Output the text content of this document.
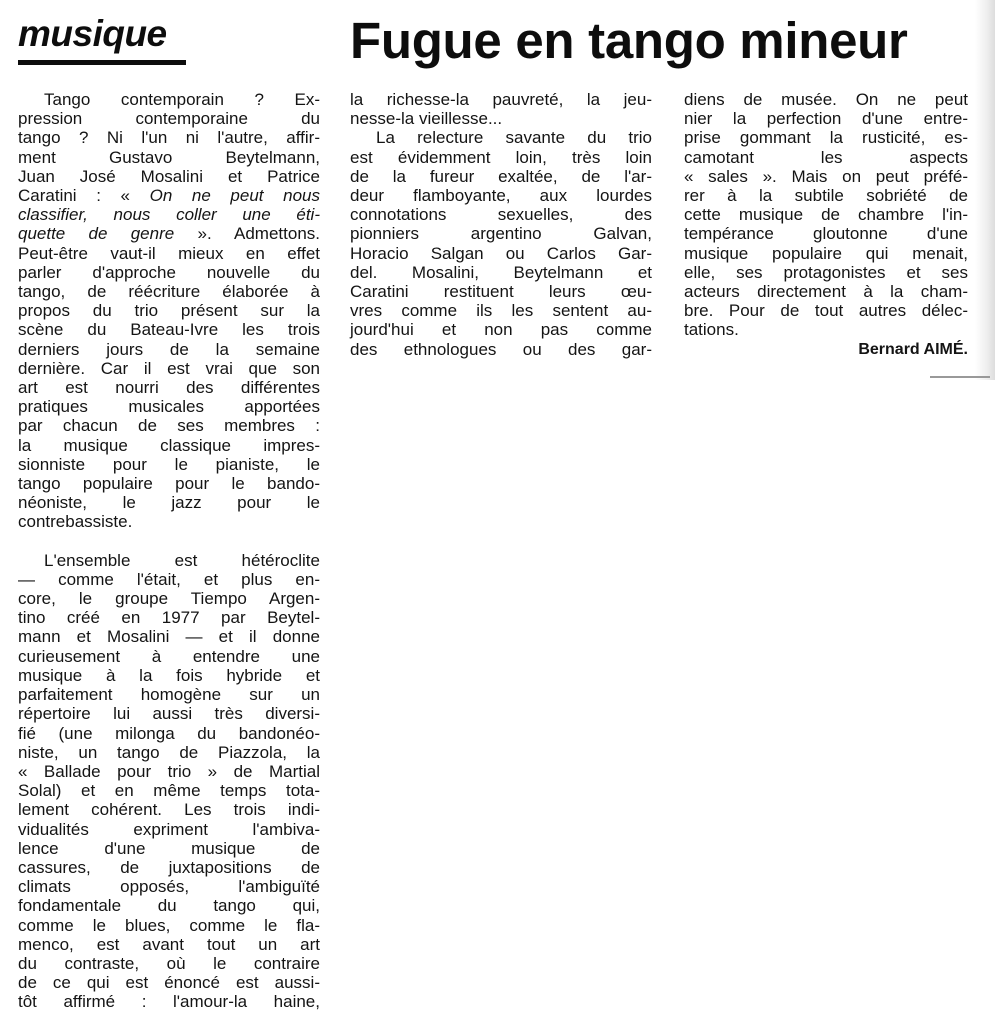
musique	Fugue en tango mineur
Tango contemporain ? Ex-
pression contemporaine du
tango ? Ni l'un ni l'autre, affir-
ment Gustavo Beytelmann,
Juan José Mosalini et Patrice
Caratini : « On ne peut nous
classifier, nous coller une éti-
quette de genre ». Admettons.
Peut-être vaut-il mieux en effet
parler d'approche nouvelle du
tango, de réécriture élaborée à
propos du trio présent sur la
scène du Bateau-Ivre les trois
derniers jours de la semaine
dernière. Car il est vrai que son
art est nourri des différentes
pratiques musicales apportées
par chacun de ses membres :
la musique classique impres-
sionniste pour le pianiste, le
tango populaire pour le bando-
néoniste, le jazz pour le
contrebassiste.
L'ensemble est hétéroclite
— comme l'était, et plus en-
core, le groupe Tiempo Argen-
tino créé en 1977 par Beytel-
mann et Mosalini — et il donne
curieusement à entendre une
musique à la fois hybride et
parfaitement homogène sur un
répertoire lui aussi très diversi-
fié (une milonga du bandonéo-
niste, un tango de Piazzola, la
« Ballade pour trio » de Martial
Solal) et en même temps tota-
lement cohérent. Les trois indi-
vidualités expriment l'ambiva-
lence d'une musique de
cassures, de juxtapositions de
climats opposés, l'ambiguïté
fondamentale du tango qui,
comme le blues, comme le fla-
menco, est avant tout un art
du contraste, où le contraire
de ce qui est énoncé est aussi-
tôt affirmé : l'amour-la haine,
la richesse-la pauvreté, la jeu-
nesse-la vieillesse...
La relecture savante du trio
est évidemment loin, très loin
de la fureur exaltée, de l'ar-
deur flamboyante, aux lourdes
connotations sexuelles, des
pionniers argentino Galvan,
Horacio Salgan ou Carlos Gar-
del. Mosalini, Beytelmann et
Caratini restituent leurs œu-
vres comme ils les sentent au-
jourd'hui et non pas comme
des ethnologues ou des gar-
diens de musée. On ne peut
nier la perfection d'une entre-
prise gommant la rusticité, es-
camotant les aspects
« sales ». Mais on peut préfé-
rer à la subtile sobriété de
cette musique de chambre l'in-
tempérance gloutonne d'une
musique populaire qui menait,
elle, ses protagonistes et ses
acteurs directement à la cham-
bre. Pour de tout autres délec-
tations.
Bernard AIMÉ.
